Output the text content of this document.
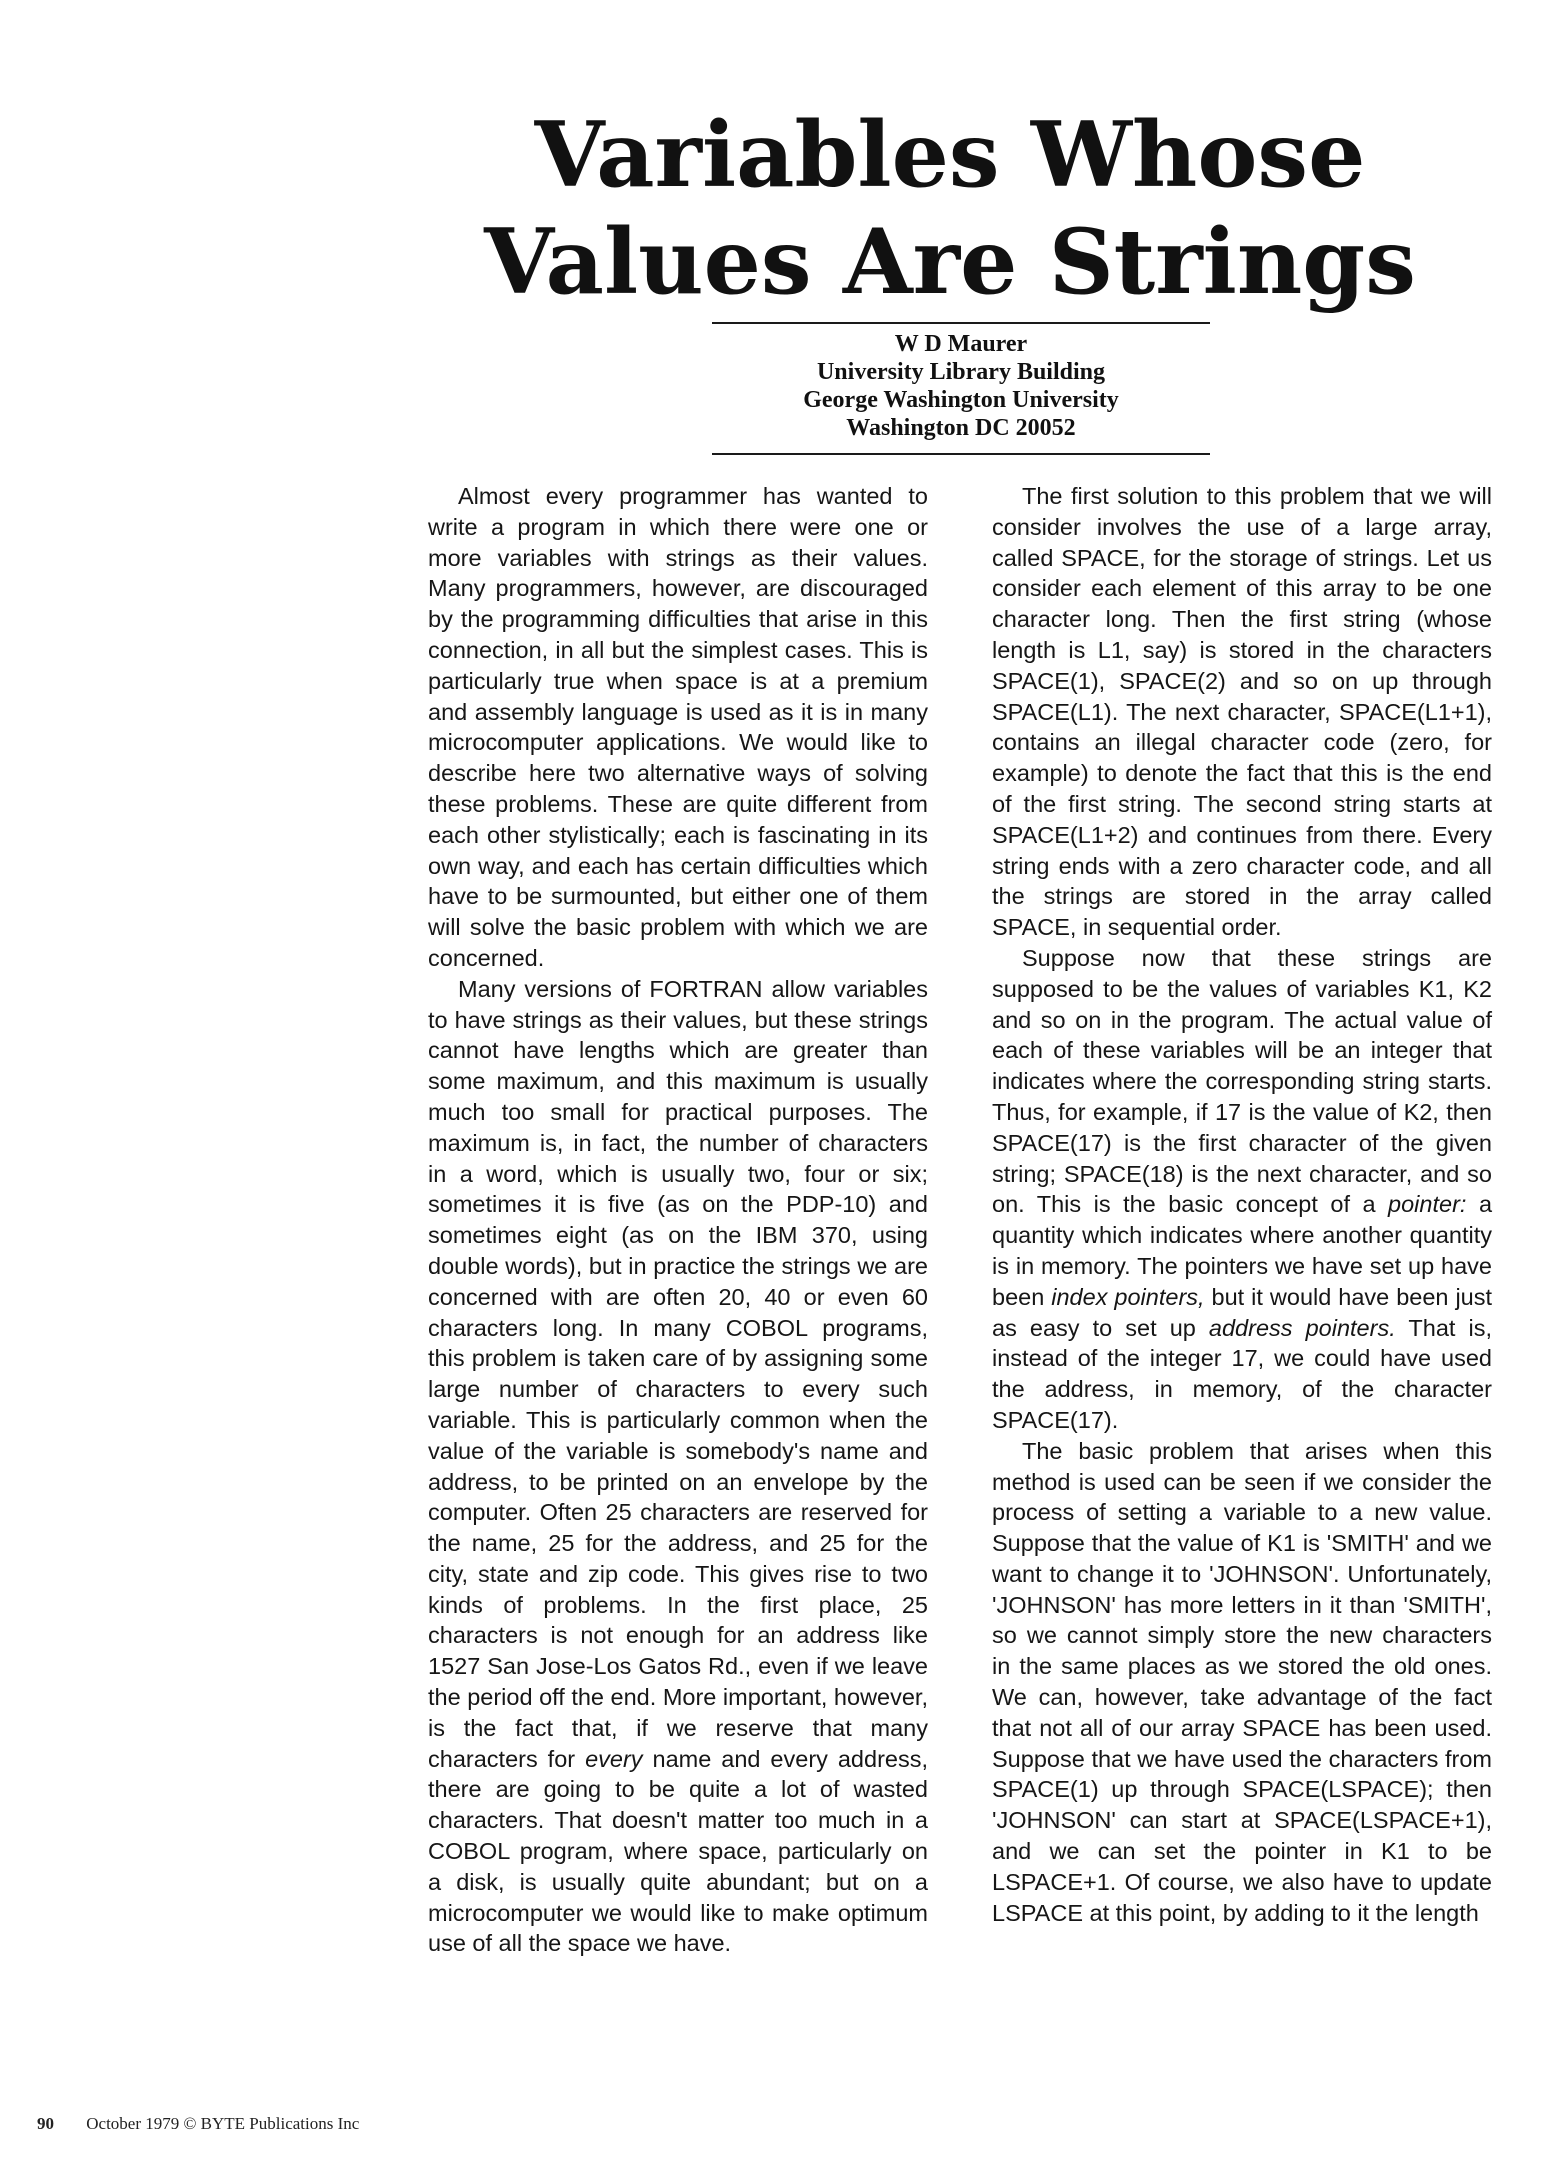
Variables Whose Values Are Strings
W D Maurer
University Library Building
George Washington University
Washington DC 20052

Almost every programmer has wanted to write a program in which there were one or more variables with strings as their values. Many programmers, however, are discouraged by the programming difficulties that arise in this connection, in all but the simplest cases. This is particularly true when space is at a premium and assembly language is used as it is in many microcomputer applications. We would like to describe here two alternative ways of solving these problems. These are quite different from each other stylistically; each is fascinating in its own way, and each has certain difficulties which have to be surmounted, but either one of them will solve the basic problem with which we are concerned.

Many versions of FORTRAN allow variables to have strings as their values, but these strings cannot have lengths which are greater than some maximum, and this maximum is usually much too small for practical purposes. The maximum is, in fact, the number of characters in a word, which is usually two, four or six; sometimes it is five (as on the PDP-10) and sometimes eight (as on the IBM 370, using double words), but in practice the strings we are concerned with are often 20, 40 or even 60 characters long. In many COBOL programs, this problem is taken care of by assigning some large number of characters to every such variable. This is particularly common when the value of the variable is somebody's name and address, to be printed on an envelope by the computer. Often 25 characters are reserved for the name, 25 for the address, and 25 for the city, state and zip code. This gives rise to two kinds of problems. In the first place, 25 characters is not enough for an address like 1527 San Jose-Los Gatos Rd., even if we leave the period off the end. More important, however, is the fact that, if we reserve that many characters for every name and every address, there are going to be quite a lot of wasted characters. That doesn't matter too much in a COBOL program, where space, particularly on a disk, is usually quite abundant; but on a microcomputer we would like to make optimum use of all the space we have.

The first solution to this problem that we will consider involves the use of a large array, called SPACE, for the storage of strings. Let us consider each element of this array to be one character long. Then the first string (whose length is L1, say) is stored in the characters SPACE(1), SPACE(2) and so on up through SPACE(L1). The next character, SPACE(L1+1), contains an illegal character code (zero, for example) to denote the fact that this is the end of the first string. The second string starts at SPACE(L1+2) and continues from there. Every string ends with a zero character code, and all the strings are stored in the array called SPACE, in sequential order.

Suppose now that these strings are supposed to be the values of variables K1, K2 and so on in the program. The actual value of each of these variables will be an integer that indicates where the corresponding string starts. Thus, for example, if 17 is the value of K2, then SPACE(17) is the first character of the given string; SPACE(18) is the next character, and so on. This is the basic concept of a pointer: a quantity which indicates where another quantity is in memory. The pointers we have set up have been index pointers, but it would have been just as easy to set up address pointers. That is, instead of the integer 17, we could have used the address, in memory, of the character SPACE(17).

The basic problem that arises when this method is used can be seen if we consider the process of setting a variable to a new value. Suppose that the value of K1 is 'SMITH' and we want to change it to 'JOHNSON'. Unfortunately, 'JOHNSON' has more letters in it than 'SMITH', so we cannot simply store the new characters in the same places as we stored the old ones. We can, however, take advantage of the fact that not all of our array SPACE has been used. Suppose that we have used the characters from SPACE(1) up through SPACE(LSPACE); then 'JOHNSON' can start at SPACE(LSPACE+1), and we can set the pointer in K1 to be LSPACE+1. Of course, we also have to update LSPACE at this point, by adding to it the length

90 October 1979 © BYTE Publications Inc
